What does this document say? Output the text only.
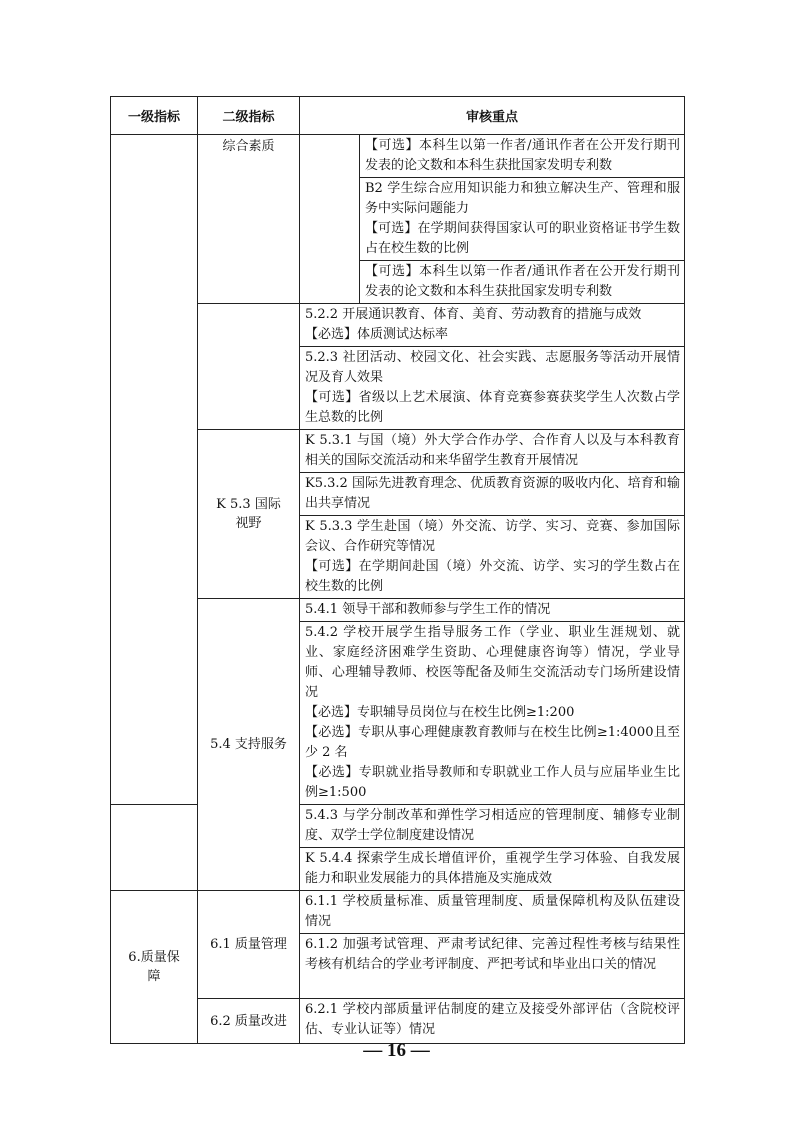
一级指标	二级指标	审核重点	
	综合素质		【可选】本科生以第一作者/通讯作者在公开发行期刊发表的论文数和本科生获批国家发明专利数

			B2 学生综合应用知识能力和独立解决生产、管理和服务中实际问题能力
【可选】在学期间获得国家认可的职业资格证书学生数占在校生数的比例

			【可选】本科生以第一作者/通讯作者在公开发行期刊发表的论文数和本科生获批国家发明专利数

		5.2.2 开展通识教育、体育、美育、劳动教育的措施与成效
【必选】体质测试达标率	

		5.2.3 社团活动、校园文化、社会实践、志愿服务等活动开展情况及育人效果
【可选】省级以上艺术展演、体育竞赛参赛获奖学生人次数占学生总数的比例	

	K 5.3 国际
视野	K 5.3.1 与国（境）外大学合作办学、合作育人以及与本科教育相关的国际交流活动和来华留学生教育开展情况	

		K5.3.2 国际先进教育理念、优质教育资源的吸收内化、培育和输出共享情况	

		K 5.3.3 学生赴国（境）外交流、访学、实习、竞赛、参加国际会议、合作研究等情况
【可选】在学期间赴国（境）外交流、访学、实习的学生数占在校生数的比例	

	5.4 支持服务	5.4.1 领导干部和教师参与学生工作的情况	

		5.4.2 学校开展学生指导服务工作（学业、职业生涯规划、就业、家庭经济困难学生资助、心理健康咨询等）情况，学业导师、心理辅导教师、校医等配备及师生交流活动专门场所建设情况
【必选】专职辅导员岗位与在校生比例≥1:200
【必选】专职从事心理健康教育教师与在校生比例≥1:4000且至少 2 名
【必选】专职就业指导教师和专职就业工作人员与应届毕业生比例≥1:500	

		5.4.3 与学分制改革和弹性学习相适应的管理制度、辅修专业制度、双学士学位制度建设情况	

		K 5.4.4 探索学生成长增值评价，重视学生学习体验、自我发展能力和职业发展能力的具体措施及实施成效	

6.质量保
障	6.1 质量管理	6.1.1 学校质量标准、质量管理制度、质量保障机构及队伍建设情况	

		6.1.2 加强考试管理、严肃考试纪律、完善过程性考核与结果性考核有机结合的学业考评制度、严把考试和毕业出口关的情况	

	6.2 质量改进	6.2.1 学校内部质量评估制度的建立及接受外部评估（含院校评估、专业认证等）情况	
— 16 —
